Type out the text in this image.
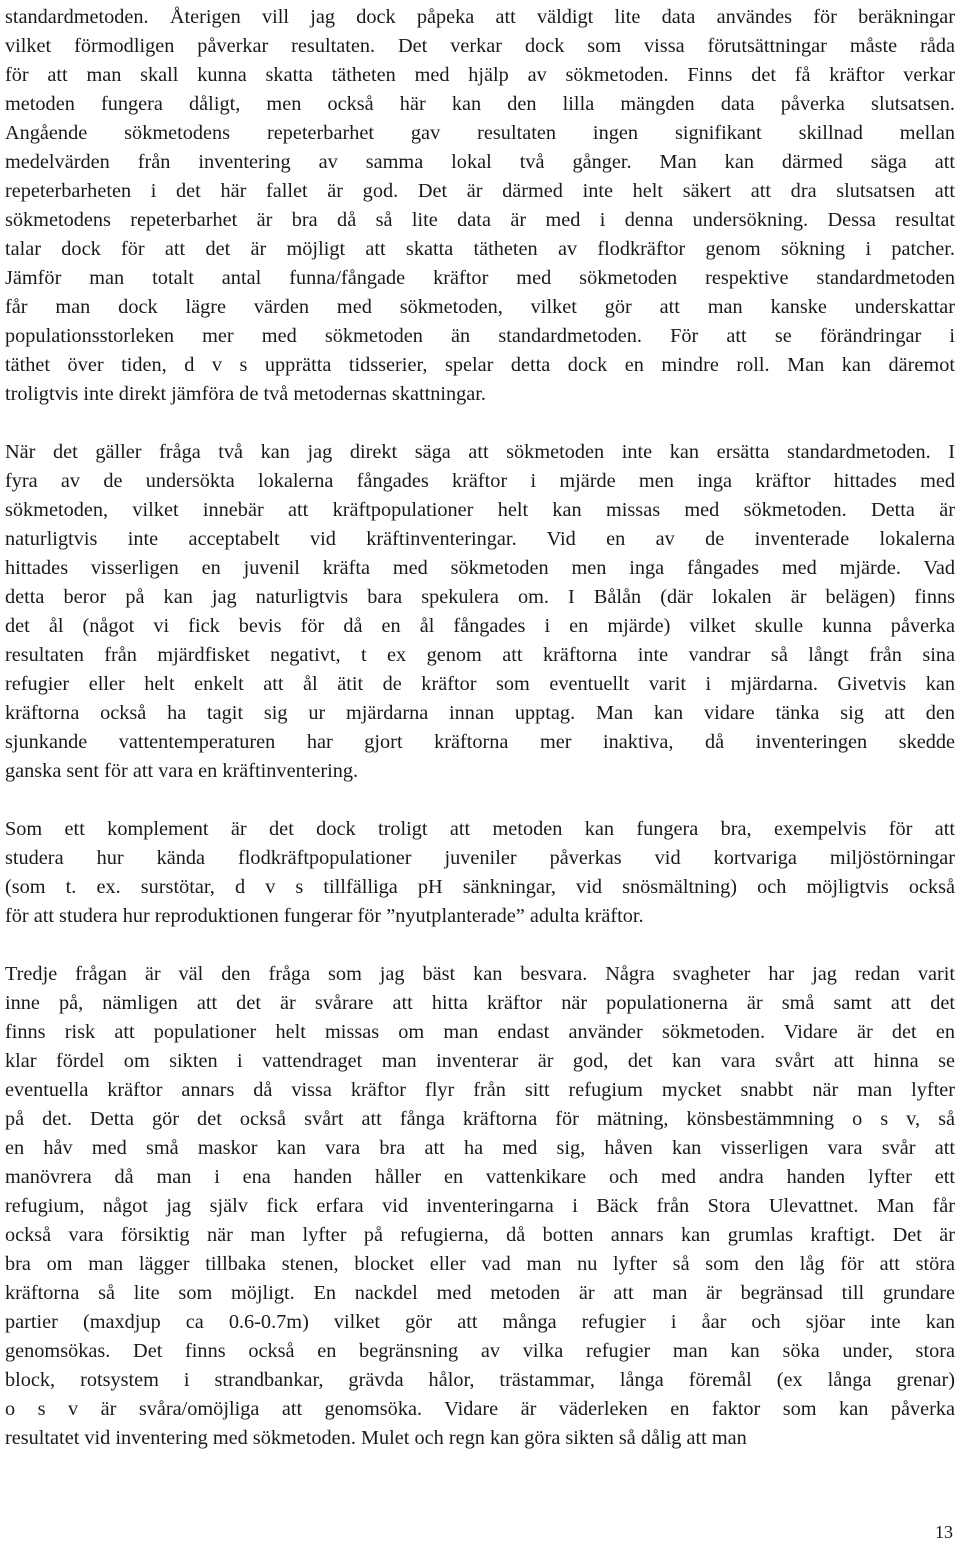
standardmetoden. Återigen vill jag dock påpeka att väldigt lite data användes för beräkningar
vilket förmodligen påverkar resultaten. Det verkar dock som vissa förutsättningar måste råda
för att man skall kunna skatta tätheten med hjälp av sökmetoden. Finns det få kräftor verkar
metoden fungera dåligt, men också här kan den lilla mängden data påverka slutsatsen.
Angående sökmetodens repeterbarhet gav resultaten ingen signifikant skillnad mellan
medelvärden från inventering av samma lokal två gånger. Man kan därmed säga att
repeterbarheten i det här fallet är god. Det är därmed inte helt säkert att dra slutsatsen att
sökmetodens repeterbarhet är bra då så lite data är med i denna undersökning. Dessa resultat
talar dock för att det är möjligt att skatta tätheten av flodkräftor genom sökning i patcher.
Jämför man totalt antal funna/fångade kräftor med sökmetoden respektive standardmetoden
får man dock lägre värden med sökmetoden, vilket gör att man kanske underskattar
populationsstorleken mer med sökmetoden än standardmetoden. För att se förändringar i
täthet över tiden, d v s upprätta tidsserier, spelar detta dock en mindre roll. Man kan däremot
troligtvis inte direkt jämföra de två metodernas skattningar.
När det gäller fråga två kan jag direkt säga att sökmetoden inte kan ersätta standardmetoden. I
fyra av de undersökta lokalerna fångades kräftor i mjärde men inga kräftor hittades med
sökmetoden, vilket innebär att kräftpopulationer helt kan missas med sökmetoden. Detta är
naturligtvis inte acceptabelt vid kräftinventeringar. Vid en av de inventerade lokalerna
hittades visserligen en juvenil kräfta med sökmetoden men inga fångades med mjärde. Vad
detta beror på kan jag naturligtvis bara spekulera om. I Bålån (där lokalen är belägen) finns
det ål (något vi fick bevis för då en ål fångades i en mjärde) vilket skulle kunna påverka
resultaten från mjärdfisket negativt, t ex genom att kräftorna inte vandrar så långt från sina
refugier eller helt enkelt att ål ätit de kräftor som eventuellt varit i mjärdarna. Givetvis kan
kräftorna också ha tagit sig ur mjärdarna innan upptag. Man kan vidare tänka sig att den
sjunkande vattentemperaturen har gjort kräftorna mer inaktiva, då inventeringen skedde
ganska sent för att vara en kräftinventering.
Som ett komplement är det dock troligt att metoden kan fungera bra, exempelvis för att
studera hur kända flodkräftpopulationer juveniler påverkas vid kortvariga miljöstörningar
(som t. ex. surstötar, d v s tillfälliga pH sänkningar, vid snösmältning) och möjligtvis också
för att studera hur reproduktionen fungerar för ”nyutplanterade” adulta kräftor.
Tredje frågan är väl den fråga som jag bäst kan besvara. Några svagheter har jag redan varit
inne på, nämligen att det är svårare att hitta kräftor när populationerna är små samt att det
finns risk att populationer helt missas om man endast använder sökmetoden. Vidare är det en
klar fördel om sikten i vattendraget man inventerar är god, det kan vara svårt att hinna se
eventuella kräftor annars då vissa kräftor flyr från sitt refugium mycket snabbt när man lyfter
på det. Detta gör det också svårt att fånga kräftorna för mätning, könsbestämmning o s v, så
en håv med små maskor kan vara bra att ha med sig, håven kan visserligen vara svår att
manövrera då man i ena handen håller en vattenkikare och med andra handen lyfter ett
refugium, något jag själv fick erfara vid inventeringarna i Bäck från Stora Ulevattnet. Man får
också vara försiktig när man lyfter på refugierna, då botten annars kan grumlas kraftigt. Det är
bra om man lägger tillbaka stenen, blocket eller vad man nu lyfter så som den låg för att störa
kräftorna så lite som möjligt. En nackdel med metoden är att man är begränsad till grundare
partier (maxdjup ca 0.6-0.7m) vilket gör att många refugier i åar och sjöar inte kan
genomsökas. Det finns också en begränsning av vilka refugier man kan söka under, stora
block, rotsystem i strandbankar, grävda hålor, trästammar, långa föremål (ex långa grenar)
o s v är svåra/omöjliga att genomsöka. Vidare är väderleken en faktor som kan påverka
resultatet vid inventering med sökmetoden. Mulet och regn kan göra sikten så dålig att man
13
